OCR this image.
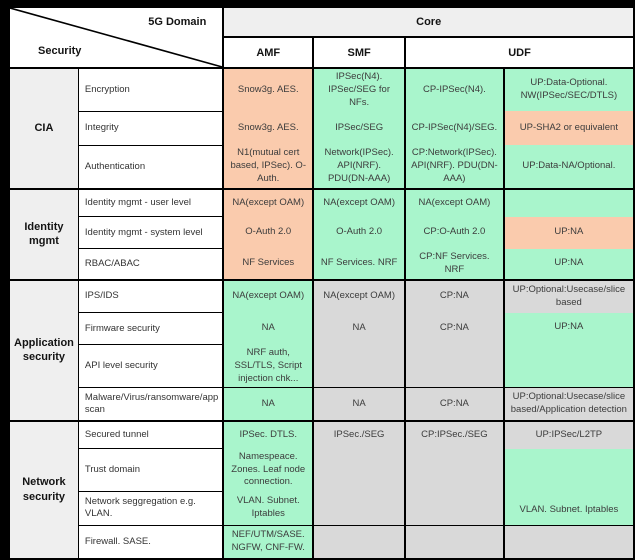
5G Domain
Security		Core			
		AMF	SMF	UDF	
CIA	Encryption	Snow3g. AES.	IPSec(N4). IPSec/SEG for NFs.	CP-IPSec(N4).	UP:Data-Optional. NW(IPSec/SEC/DTLS)
	Integrity	Snow3g. AES.	IPSec/SEG	CP-IPSec(N4)/SEG.	UP-SHA2 or equivalent
	Authentication	N1(mutual cert based, IPSec). O-Auth.	Network(IPSec). API(NRF). PDU(DN-AAA)	CP:Network(IPSec). API(NRF). PDU(DN-AAA)	UP:Data-NA/Optional.
Identity mgmt	Identity mgmt - user level	NA(except OAM)	NA(except OAM)	NA(except OAM)	
	Identity mgmt - system level	O-Auth 2.0	O-Auth 2.0	CP:O-Auth 2.0	UP:NA
	RBAC/ABAC	NF Services	NF Services. NRF	CP:NF Services. NRF	UP:NA
Application security	IPS/IDS	NA(except OAM)	NA(except OAM)	CP:NA	UP:Optional:Usecase/slice based
	Firmware security	NA	NA	CP:NA	UP:NA
	API level security	NRF auth, SSL/TLS, Script injection chk...			
	Malware/Virus/ransomware/app scan	NA	NA	CP:NA	UP:Optional:Usecase/slice based/Application detection
Network security	Secured tunnel	IPSec. DTLS.	IPSec./SEG	CP:IPSec./SEG	UP:IPSec/L2TP
	Trust domain	Namespeace. Zones. Leaf node connection.			VLAN. Subnet. Iptables
	Network seggregation e.g. VLAN.	VLAN. Subnet. Iptables			
	Firewall. SASE.	NEF/UTM/SASE. NGFW, CNF-FW.			
